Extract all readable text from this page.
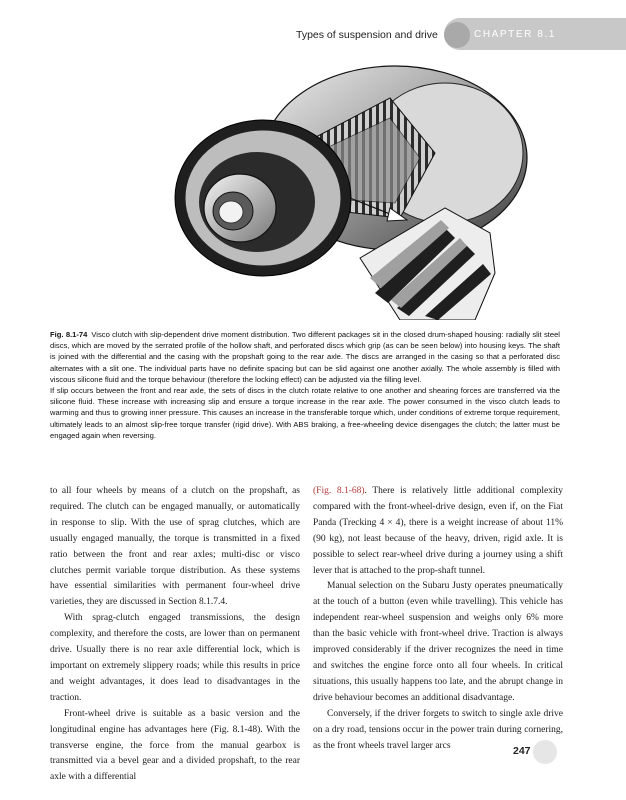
Types of suspension and drive	CHAPTER 8.1

Fig. 8.1-74 Visco clutch with slip-dependent drive moment distribution. Two different packages sit in the closed drum-shaped housing: radially slit steel discs, which are moved by the serrated profile of the hollow shaft, and perforated discs which grip (as can be seen below) into housing keys. The shaft is joined with the differential and the casing with the propshaft going to the rear axle. The discs are arranged in the casing so that a perforated disc alternates with a slit one. The individual parts have no definite spacing but can be slid against one another axially. The whole assembly is filled with viscous silicone fluid and the torque behaviour (therefore the locking effect) can be adjusted via the filling level.

If slip occurs between the front and rear axle, the sets of discs in the clutch rotate relative to one another and shearing forces are transferred via the silicone fluid. These increase with increasing slip and ensure a torque increase in the rear axle. The power consumed in the visco clutch leads to warming and thus to growing inner pressure. This causes an increase in the transferable torque which, under conditions of extreme torque requirement, ultimately leads to an almost slip-free torque transfer (rigid drive). With ABS braking, a free-wheeling device disengages the clutch; the latter must be engaged again when reversing.

to all four wheels by means of a clutch on the propshaft, as required. The clutch can be engaged manually, or automatically in response to slip. With the use of sprag clutches, which are usually engaged manually, the torque is transmitted in a fixed ratio between the front and rear axles; multi-disc or visco clutches permit variable torque distribution. As these systems have essential similarities with permanent four-wheel drive varieties, they are discussed in Section 8.1.7.4.

With sprag-clutch engaged transmissions, the design complexity, and therefore the costs, are lower than on permanent drive. Usually there is no rear axle differential lock, which is important on extremely slippery roads; while this results in price and weight advantages, it does lead to disadvantages in the traction.

Front-wheel drive is suitable as a basic version and the longitudinal engine has advantages here (Fig. 8.1-48). With the transverse engine, the force from the manual gearbox is transmitted via a bevel gear and a divided propshaft, to the rear axle with a differential

(Fig. 8.1-68). There is relatively little additional complexity compared with the front-wheel-drive design, even if, on the Fiat Panda (Trecking 4 × 4), there is a weight increase of about 11% (90 kg), not least because of the heavy, driven, rigid axle. It is possible to select rear-wheel drive during a journey using a shift lever that is attached to the prop-shaft tunnel.

Manual selection on the Subaru Justy operates pneumatically at the touch of a button (even while travelling). This vehicle has independent rear-wheel suspension and weighs only 6% more than the basic vehicle with front-wheel drive. Traction is always improved considerably if the driver recognizes the need in time and switches the engine force onto all four wheels. In critical situations, this usually happens too late, and the abrupt change in drive behaviour becomes an additional disadvantage.

Conversely, if the driver forgets to switch to single axle drive on a dry road, tensions occur in the power train during cornering, as the front wheels travel larger arcs	247
